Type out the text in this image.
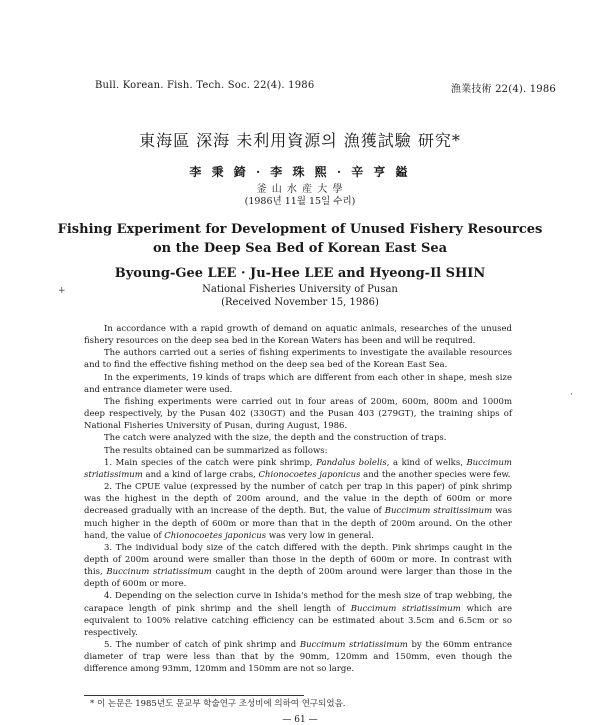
Bull. Korean. Fish. Tech. Soc. 22(4). 1986	漁業技術 22(4). 1986
東海區 深海 未利用資源의 漁獲試驗 研究*
李 秉 錡 · 李 珠 熙 · 辛 亨 鎰
釜 山 水 産 大 學
(1986년 11월 15일 수리)
Fishing Experiment for Development of Unused Fishery Resources
on the Deep Sea Bed of Korean East Sea
Byoung-Gee LEE · Ju-Hee LEE and Hyeong-Il SHIN
National Fisheries University of Pusan
(Received November 15, 1986)
+
·

In accordance with a rapid growth of demand on aquatic animals, researches of the unused fishery resources on the deep sea bed in the Korean Waters has been and will be required.

The authors carried out a series of fishing experiments to investigate the available resources and to find the effective fishing method on the deep sea bed of the Korean East Sea.

In the experiments, 19 kinds of traps which are different from each other in shape, mesh size and entrance diameter were used.

The fishing experiments were carried out in four areas of 200m, 600m, 800m and 1000m deep respectively, by the Pusan 402 (330GT) and the Pusan 403 (279GT), the training ships of National Fisheries University of Pusan, during August, 1986.

The catch were analyzed with the size, the depth and the construction of traps.

The results obtained can be summarized as follows:

1. Main species of the catch were pink shrimp, Pandalus bolelis, a kind of welks, Buccimum striatissimum and a kind of large crabs, Chionocoetes japonicus and the another species were few.

2. The CPUE value (expressed by the number of catch per trap in this paper) of pink shrimp was the highest in the depth of 200m around, and the value in the depth of 600m or more decreased gradually with an increase of the depth. But, the value of Buccimum straitissimum was much higher in the depth of 600m or more than that in the depth of 200m around. On the other hand, the value of Chionocoetes japonicus was very low in general.

3. The individual body size of the catch differed with the depth. Pink shrimps caught in the depth of 200m around were smaller than those in the depth of 600m or more. In contrast with this, Buccinum striatissimum caught in the depth of 200m around were larger than those in the depth of 600m or more.

4. Depending on the selection curve in Ishida's method for the mesh size of trap webbing, the carapace length of pink shrimp and the shell length of Buccimum striatissimum which are equivalent to 100% relative catching efficiency can be estimated about 3.5cm and 6.5cm or so respectively.

5. The number of catch of pink shrimp and Buccimum striatissimum by the 60mm entrance diameter of trap were less than that by the 90mm, 120mm and 150mm, even though the difference among 93mm, 120mm and 150mm are not so large.

* 이 논문은 1985년도 문교부 학술연구 조성비에 의하여 연구되었음.
— 61 —
